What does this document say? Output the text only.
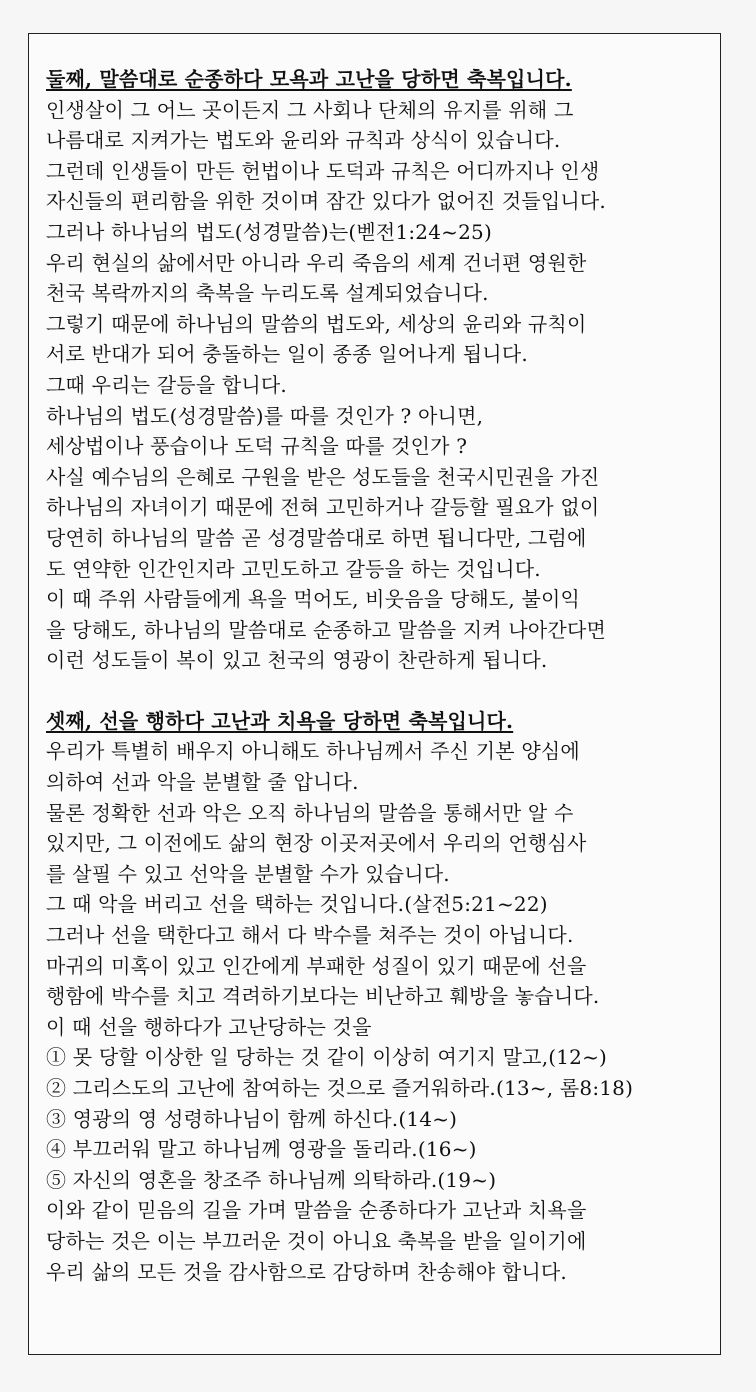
둘째, 말씀대로 순종하다 모욕과 고난을 당하면 축복입니다.
인생살이 그 어느 곳이든지 그 사회나 단체의 유지를 위해 그
나름대로 지켜가는 법도와 윤리와 규칙과 상식이 있습니다.
그런데 인생들이 만든 헌법이나 도덕과 규칙은 어디까지나 인생
자신들의 편리함을 위한 것이며 잠간 있다가 없어진 것들입니다.
그러나 하나님의 법도(성경말씀)는(벧전1:24~25)
우리 현실의 삶에서만 아니라 우리 죽음의 세계 건너편 영원한
천국 복락까지의 축복을 누리도록 설계되었습니다.
그렇기 때문에 하나님의 말씀의 법도와, 세상의 윤리와 규칙이
서로 반대가 되어 충돌하는 일이 종종 일어나게 됩니다.
그때 우리는 갈등을 합니다.
하나님의 법도(성경말씀)를 따를 것인가 ? 아니면,
세상법이나 풍습이나 도덕 규칙을 따를 것인가 ?
사실 예수님의 은혜로 구원을 받은 성도들을 천국시민권을 가진
하나님의 자녀이기 때문에 전혀 고민하거나 갈등할 필요가 없이
당연히 하나님의 말씀 곧 성경말씀대로 하면 됩니다만, 그럼에
도 연약한 인간인지라 고민도하고 갈등을 하는 것입니다.
이 때 주위 사람들에게 욕을 먹어도, 비웃음을 당해도, 불이익
을 당해도, 하나님의 말씀대로 순종하고 말씀을 지켜 나아간다면
이런 성도들이 복이 있고 천국의 영광이 찬란하게 됩니다.
셋째, 선을 행하다 고난과 치욕을 당하면 축복입니다.
우리가 특별히 배우지 아니해도 하나님께서 주신 기본 양심에
의하여 선과 악을 분별할 줄 압니다.
물론 정확한 선과 악은 오직 하나님의 말씀을 통해서만 알 수
있지만, 그 이전에도 삶의 현장 이곳저곳에서 우리의 언행심사
를 살필 수 있고 선악을 분별할 수가 있습니다.
그 때 악을 버리고 선을 택하는 것입니다.(살전5:21~22)
그러나 선을 택한다고 해서 다 박수를 쳐주는 것이 아닙니다.
마귀의 미혹이 있고 인간에게 부패한 성질이 있기 때문에 선을
행함에 박수를 치고 격려하기보다는 비난하고 훼방을 놓습니다.
이 때 선을 행하다가 고난당하는 것을
① 못 당할 이상한 일 당하는 것 같이 이상히 여기지 말고,(12~)
② 그리스도의 고난에 참여하는 것으로 즐거워하라.(13~, 롬8:18)
③ 영광의 영 성령하나님이 함께 하신다.(14~)
④ 부끄러워 말고 하나님께 영광을 돌리라.(16~)
⑤ 자신의 영혼을 창조주 하나님께 의탁하라.(19~)
이와 같이 믿음의 길을 가며 말씀을 순종하다가 고난과 치욕을
당하는 것은 이는 부끄러운 것이 아니요 축복을 받을 일이기에
우리 삶의 모든 것을 감사함으로 감당하며 찬송해야 합니다.
